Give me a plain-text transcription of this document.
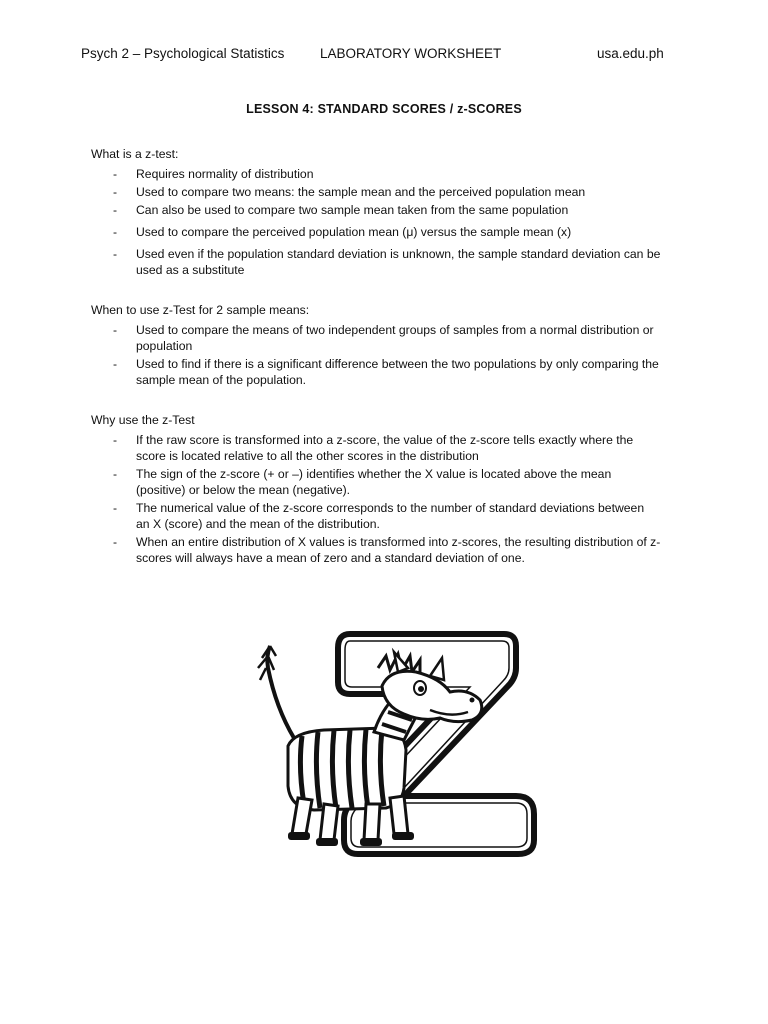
Psych 2 – Psychological Statistics	LABORATORY WORKSHEET	usa.edu.ph
LESSON 4: STANDARD SCORES / z-SCORES
What is a z-test:
- Requires normality of distribution
- Used to compare two means: the sample mean and the perceived population mean
- Can also be used to compare two sample mean taken from the same population
- Used to compare the perceived population mean (μ) versus the sample mean (x)
- Used even if the population standard deviation is unknown, the sample standard deviation can be used as a substitute
When to use z-Test for 2 sample means:
- Used to compare the means of two independent groups of samples from a normal distribution or population
- Used to find if there is a significant difference between the two populations by only comparing the sample mean of the population.
Why use the z-Test
- If the raw score is transformed into a z-score, the value of the z-score tells exactly where the score is located relative to all the other scores in the distribution
- The sign of the z-score (+ or –) identifies whether the X value is located above the mean (positive) or below the mean (negative).
- The numerical value of the z-score corresponds to the number of standard deviations between an X (score) and the mean of the distribution.
- When an entire distribution of X values is transformed into z-scores, the resulting distribution of z-scores will always have a mean of zero and a standard deviation of one.
